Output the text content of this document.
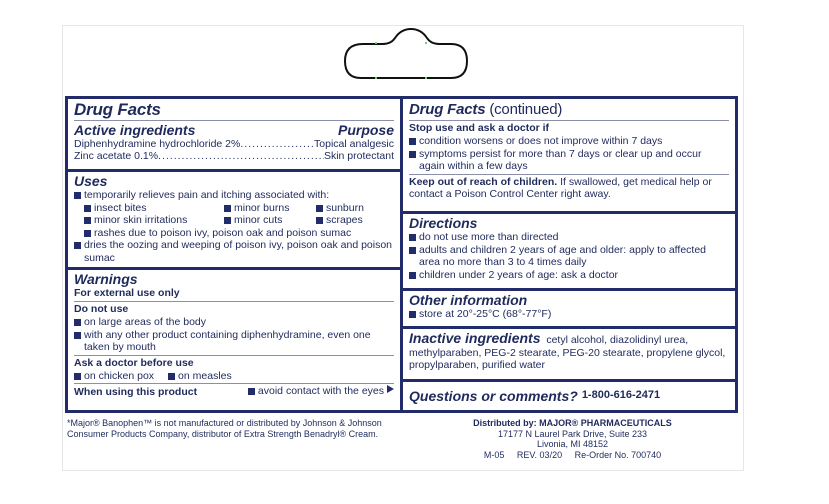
Drug Facts
Active ingredients	Purpose
Diphenhydramine hydrochloride 2% .....	Topical analgesic
Zinc acetate 0.1% .....	Skin protectant
Uses
temporarily relieves pain and itching associated with:
insect bites	minor burns	sunburn
minor skin irritations	minor cuts	scrapes
rashes due to poison ivy, poison oak and poison sumac
dries the oozing and weeping of poison ivy, poison oak and poison sumac
Warnings
For external use only
Do not use
on large areas of the body
with any other product containing diphenhydramine, even one taken by mouth
Ask a doctor before use
on chicken pox on measles
When using this product	avoid contact with the eyes
Drug Facts (continued)
Stop use and ask a doctor if
condition worsens or does not improve within 7 days
symptoms persist for more than 7 days or clear up and occur again within a few days
Keep out of reach of children. If swallowed, get medical help or contact a Poison Control Center right away.
Directions
do not use more than directed
adults and children 2 years of age and older: apply to affected area no more than 3 to 4 times daily
children under 2 years of age: ask a doctor
Other information
store at 20°-25°C (68°-77°F)
Inactive ingredients cetyl alcohol, diazolidinyl urea, methylparaben, PEG-2 stearate, PEG-20 stearate, propylene glycol, propylparaben, purified water
Questions or comments? 1-800-616-2471
*Major® Banophen™ is not manufactured or distributed by Johnson & Johnson Consumer Products Company, distributor of Extra Strength Benadryl® Cream.
Distributed by: MAJOR® PHARMACEUTICALS
17177 N Laurel Park Drive, Suite 233
Livonia, MI 48152
M-05 REV. 03/20 Re-Order No. 700740
